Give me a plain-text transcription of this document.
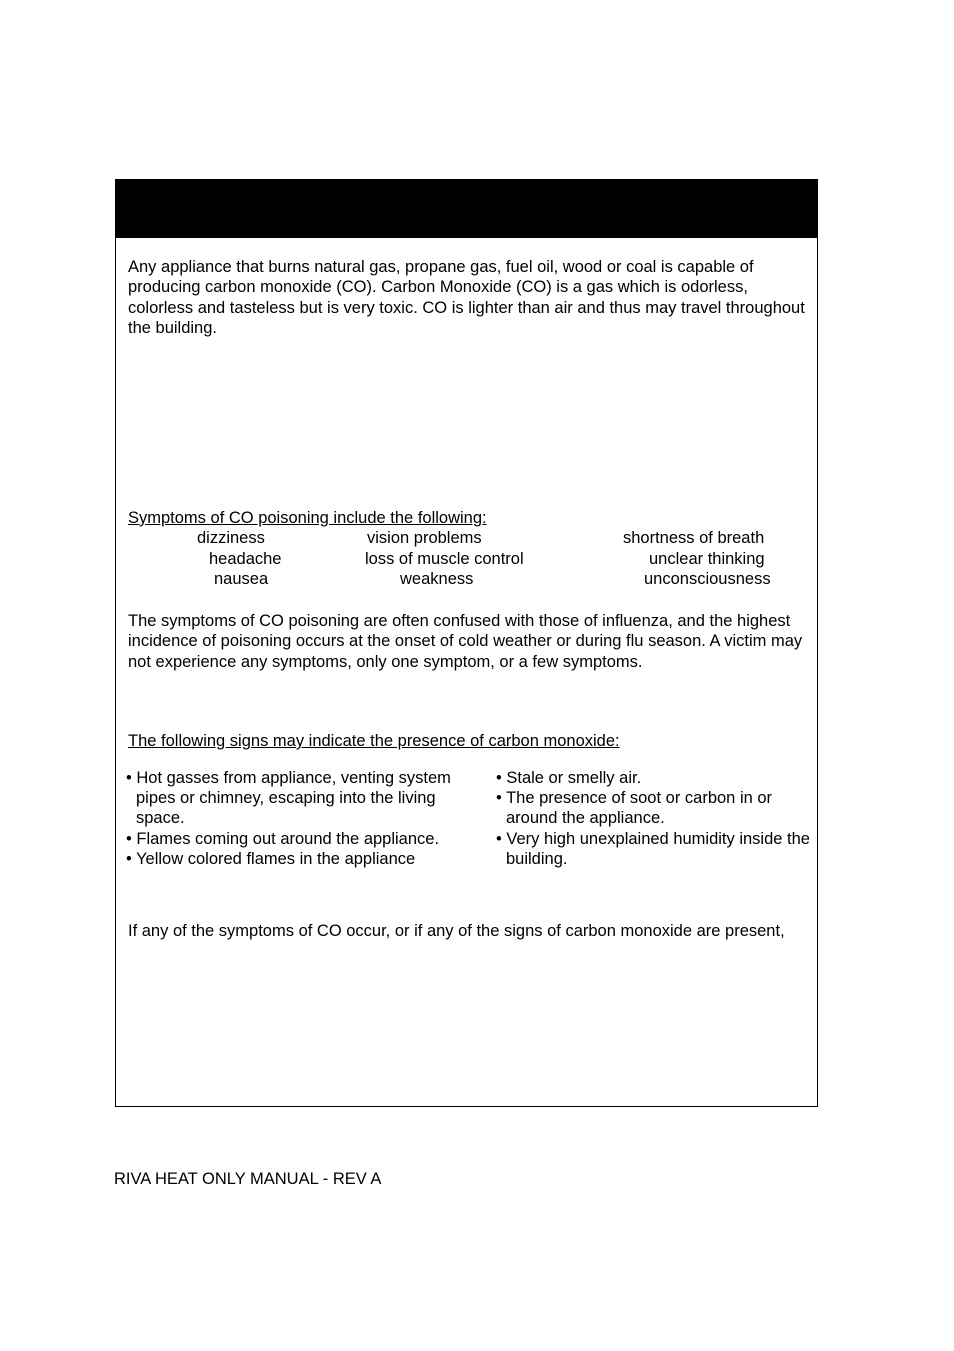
Any appliance that burns natural gas, propane gas, fuel oil, wood or coal is capable of producing carbon monoxide (CO). Carbon Monoxide (CO) is a gas which is odorless, colorless and tasteless but is very toxic. CO is lighter than air and thus may travel throughout the building.

Symptoms of CO poisoning include the following:
dizziness
headache
nausea
vision problems
loss of muscle control
weakness
shortness of breath
unclear thinking
unconsciousness

The symptoms of CO poisoning are often confused with those of influenza, and the highest incidence of poisoning occurs at the onset of cold weather or during flu season. A victim may not experience any symptoms, only one symptom, or a few symptoms.

The following signs may indicate the presence of carbon monoxide:
• Hot gasses from appliance, venting system pipes or chimney, escaping into the living space.
• Flames coming out around the appliance.
• Yellow colored flames in the appliance
• Stale or smelly air.
• The presence of soot or carbon in or around the appliance.
• Very high unexplained humidity inside the building.

If any of the symptoms of CO occur, or if any of the signs of carbon monoxide are present,

RIVA HEAT ONLY MANUAL - REV A
